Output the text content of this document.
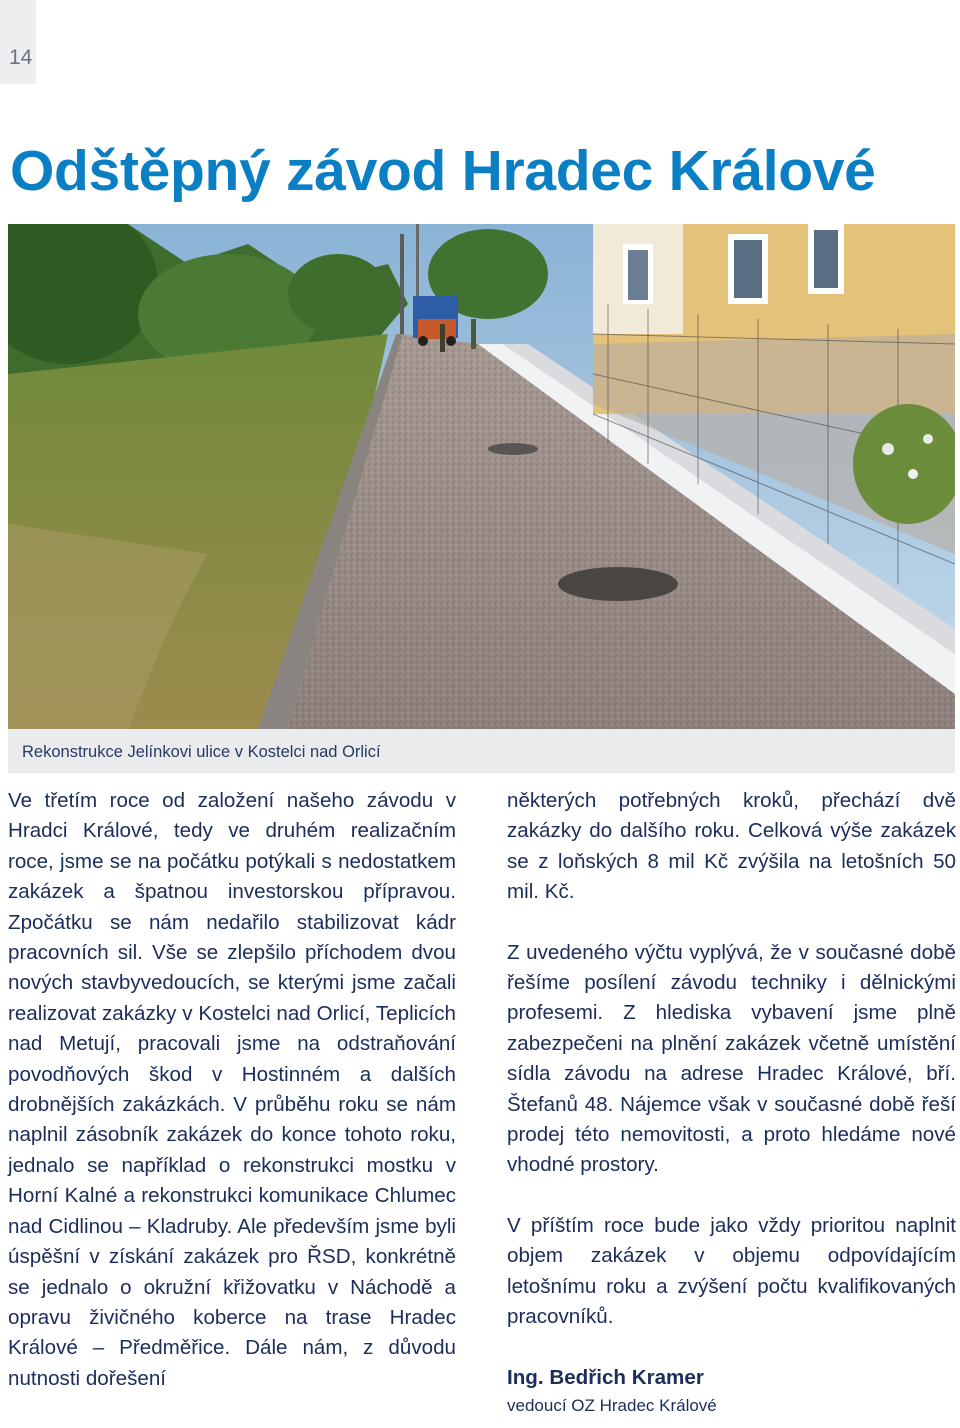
14
Odštěpný závod Hradec Králové
Rekonstrukce Jelínkovi ulice v Kostelci nad Orlicí

Ve třetím roce od založení našeho závodu v Hradci Králové, tedy ve druhém realizačním roce, jsme se na počátku potýkali s nedostatkem zakázek a špatnou investorskou přípravou. Zpočátku se nám nedařilo stabilizovat kádr pracovních sil. Vše se zlepšilo příchodem dvou nových stavbyvedoucích, se kterými jsme začali realizovat zakázky v Kostelci nad Orlicí, Teplicích nad Metují, pracovali jsme na odstraňování povodňových škod v Hostinném a dalších drobnějších zakázkách. V průběhu roku se nám naplnil zásobník zakázek do konce tohoto roku, jednalo se například o rekonstrukci mostku v Horní Kalné a rekonstrukci komunikace Chlumec nad Cidlinou – Kladruby. Ale především jsme byli úspěšní v získání zakázek pro ŘSD, konkrétně se jednalo o okružní křižovatku v Náchodě a opravu živičného koberce na trase Hradec Králové – Předměřice. Dále nám, z důvodu nutnosti dořešení

některých potřebných kroků, přechází dvě zakázky do dalšího roku. Celková výše zakázek se z loňských 8 mil Kč zvýšila na letošních 50 mil. Kč.

Z uvedeného výčtu vyplývá, že v současné době řešíme posílení závodu techniky i dělnickými profesemi. Z hlediska vybavení jsme plně zabezpečeni na plnění zakázek včetně umístění sídla závodu na adrese Hradec Králové, bří. Štefanů 48. Nájemce však v současné době řeší prodej této nemovitosti, a proto hledáme nové vhodné prostory.

V příštím roce bude jako vždy prioritou naplnit objem zakázek v objemu odpovídajícím letošnímu roku a zvýšení počtu kvalifikovaných pracovníků.

Ing. Bedřich Kramer

vedoucí OZ Hradec Králové
